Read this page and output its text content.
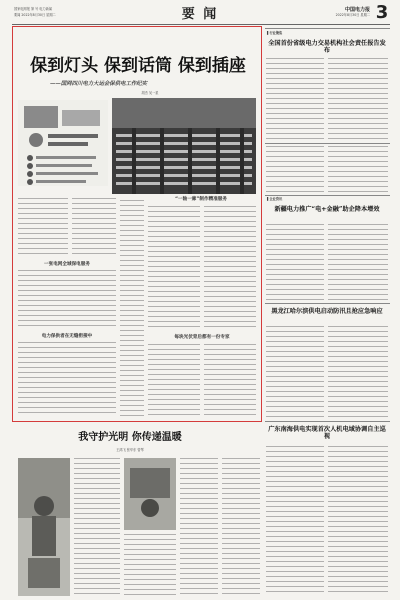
国家电网报 第 号 电力新闻
要闻 2022年8月30日 星期二	要 闻	中国电力报
2022年8月30日 星期二 3
保到灯头 保到话筒 保到插座
——国网四川电力大运会保供电工作纪实
胡杰 吴一星
“一轴一廊”制作精准服务
一张电网全城保电服务
电力保供者在无缝衔接中	每块光伏背后都有一份专家
▌行业聚焦
全国首份省级电力交易机构社会责任报告发布
▌企业资讯
新疆电力推广“电+金融”助企降本增效
黑龙江哈尔滨供电启动防汛且抢应急响应
广东南海供电实现首次人机电域协调自主巡视
我守护光明 你传递温暖
王鸿飞 张华东 曾琴
